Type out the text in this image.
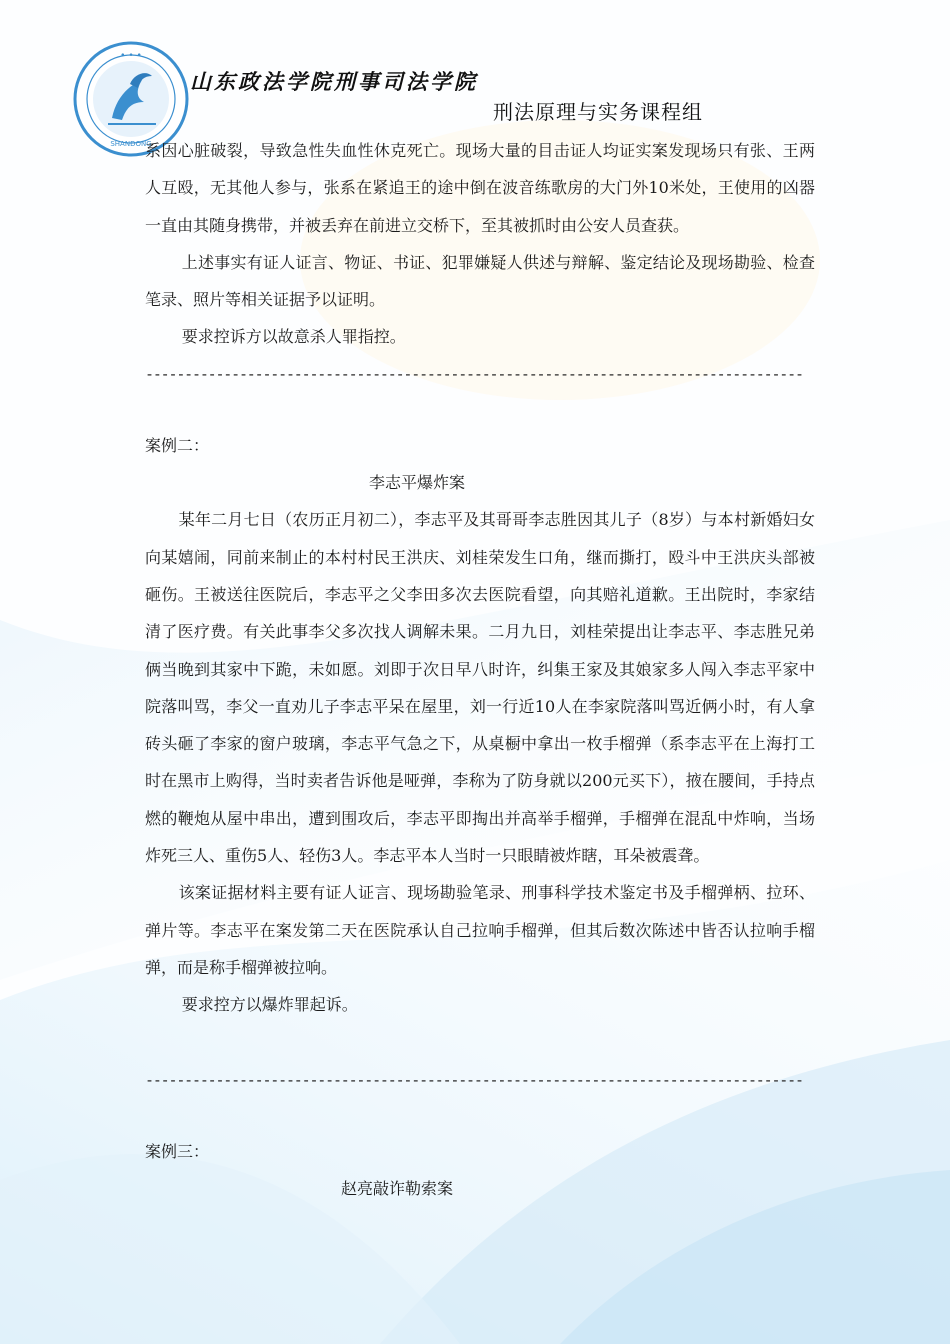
• • •
SHANDONG
山东政法学院刑事司法学院
刑法原理与实务课程组

系因心脏破裂，导致急性失血性休克死亡。现场大量的目击证人均证实案发现场只有张、王两人互殴，无其他人参与，张系在紧追王的途中倒在波音练歌房的大门外10米处，王使用的凶器一直由其随身携带，并被丢弃在前进立交桥下，至其被抓时由公安人员查获。

上述事实有证人证言、物证、书证、犯罪嫌疑人供述与辩解、鉴定结论及现场勘验、检查笔录、照片等相关证据予以证明。

要求控诉方以故意杀人罪指控。

------------------------------------------------------------------------------------

案例二：

李志平爆炸案

某年二月七日（农历正月初二），李志平及其哥哥李志胜因其儿子（8岁）与本村新婚妇女向某嬉闹，同前来制止的本村村民王洪庆、刘桂荣发生口角，继而撕打，殴斗中王洪庆头部被砸伤。王被送往医院后，李志平之父李田多次去医院看望，向其赔礼道歉。王出院时，李家结清了医疗费。有关此事李父多次找人调解未果。二月九日，刘桂荣提出让李志平、李志胜兄弟俩当晚到其家中下跪，未如愿。刘即于次日早八时许，纠集王家及其娘家多人闯入李志平家中院落叫骂，李父一直劝儿子李志平呆在屋里，刘一行近10人在李家院落叫骂近俩小时，有人拿砖头砸了李家的窗户玻璃，李志平气急之下，从桌橱中拿出一枚手榴弹（系李志平在上海打工时在黑市上购得，当时卖者告诉他是哑弹，李称为了防身就以200元买下），掖在腰间，手持点燃的鞭炮从屋中串出，遭到围攻后，李志平即掏出并高举手榴弹，手榴弹在混乱中炸响，当场炸死三人、重伤5人、轻伤3人。李志平本人当时一只眼睛被炸瞎，耳朵被震聋。

该案证据材料主要有证人证言、现场勘验笔录、刑事科学技术鉴定书及手榴弹柄、拉环、弹片等。李志平在案发第二天在医院承认自己拉响手榴弹，但其后数次陈述中皆否认拉响手榴弹，而是称手榴弹被拉响。

要求控方以爆炸罪起诉。

------------------------------------------------------------------------------------

案例三：

赵亮敲诈勒索案
